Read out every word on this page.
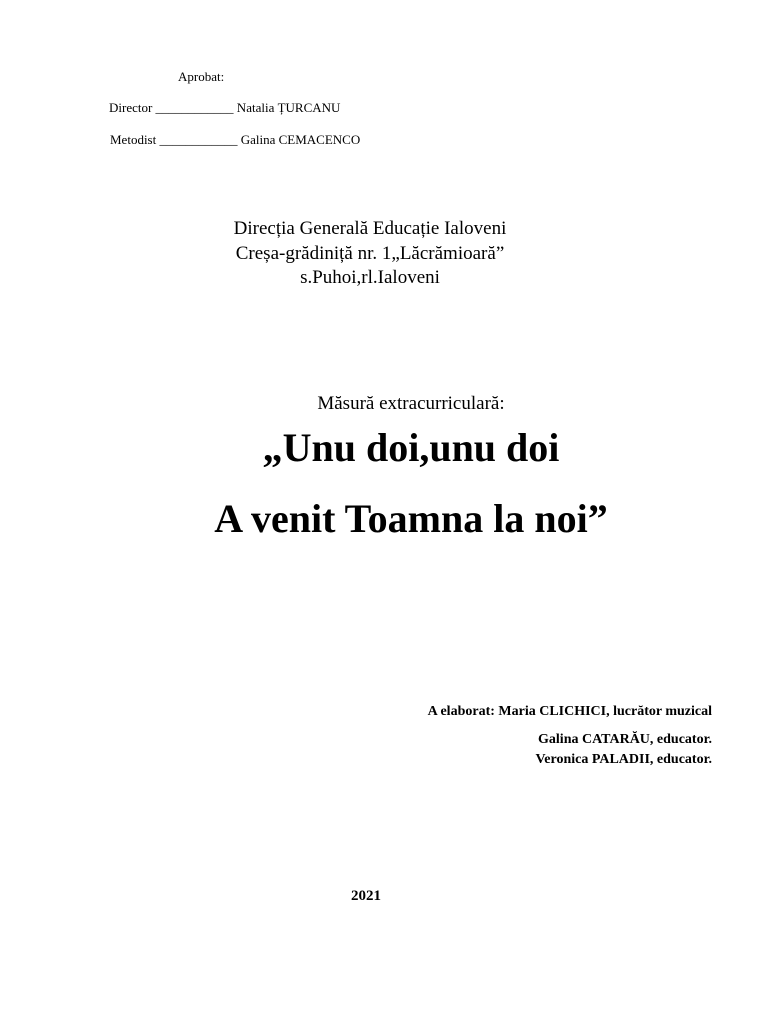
Aprobat:
Director ____________ Natalia ȚURCANU
Metodist ____________ Galina CEMACENCO
Direcția Generală Educație Ialoveni
Creșa-grădiniță nr. 1„Lăcrămioară”
s.Puhoi,rl.Ialoveni
Măsură extracurriculară:
„Unu doi,unu doi
A venit Toamna la noi”
A elaborat: Maria CLICHICI, lucrător muzical
Galina CATARĂU, educator.
Veronica PALADII, educator.
2021
